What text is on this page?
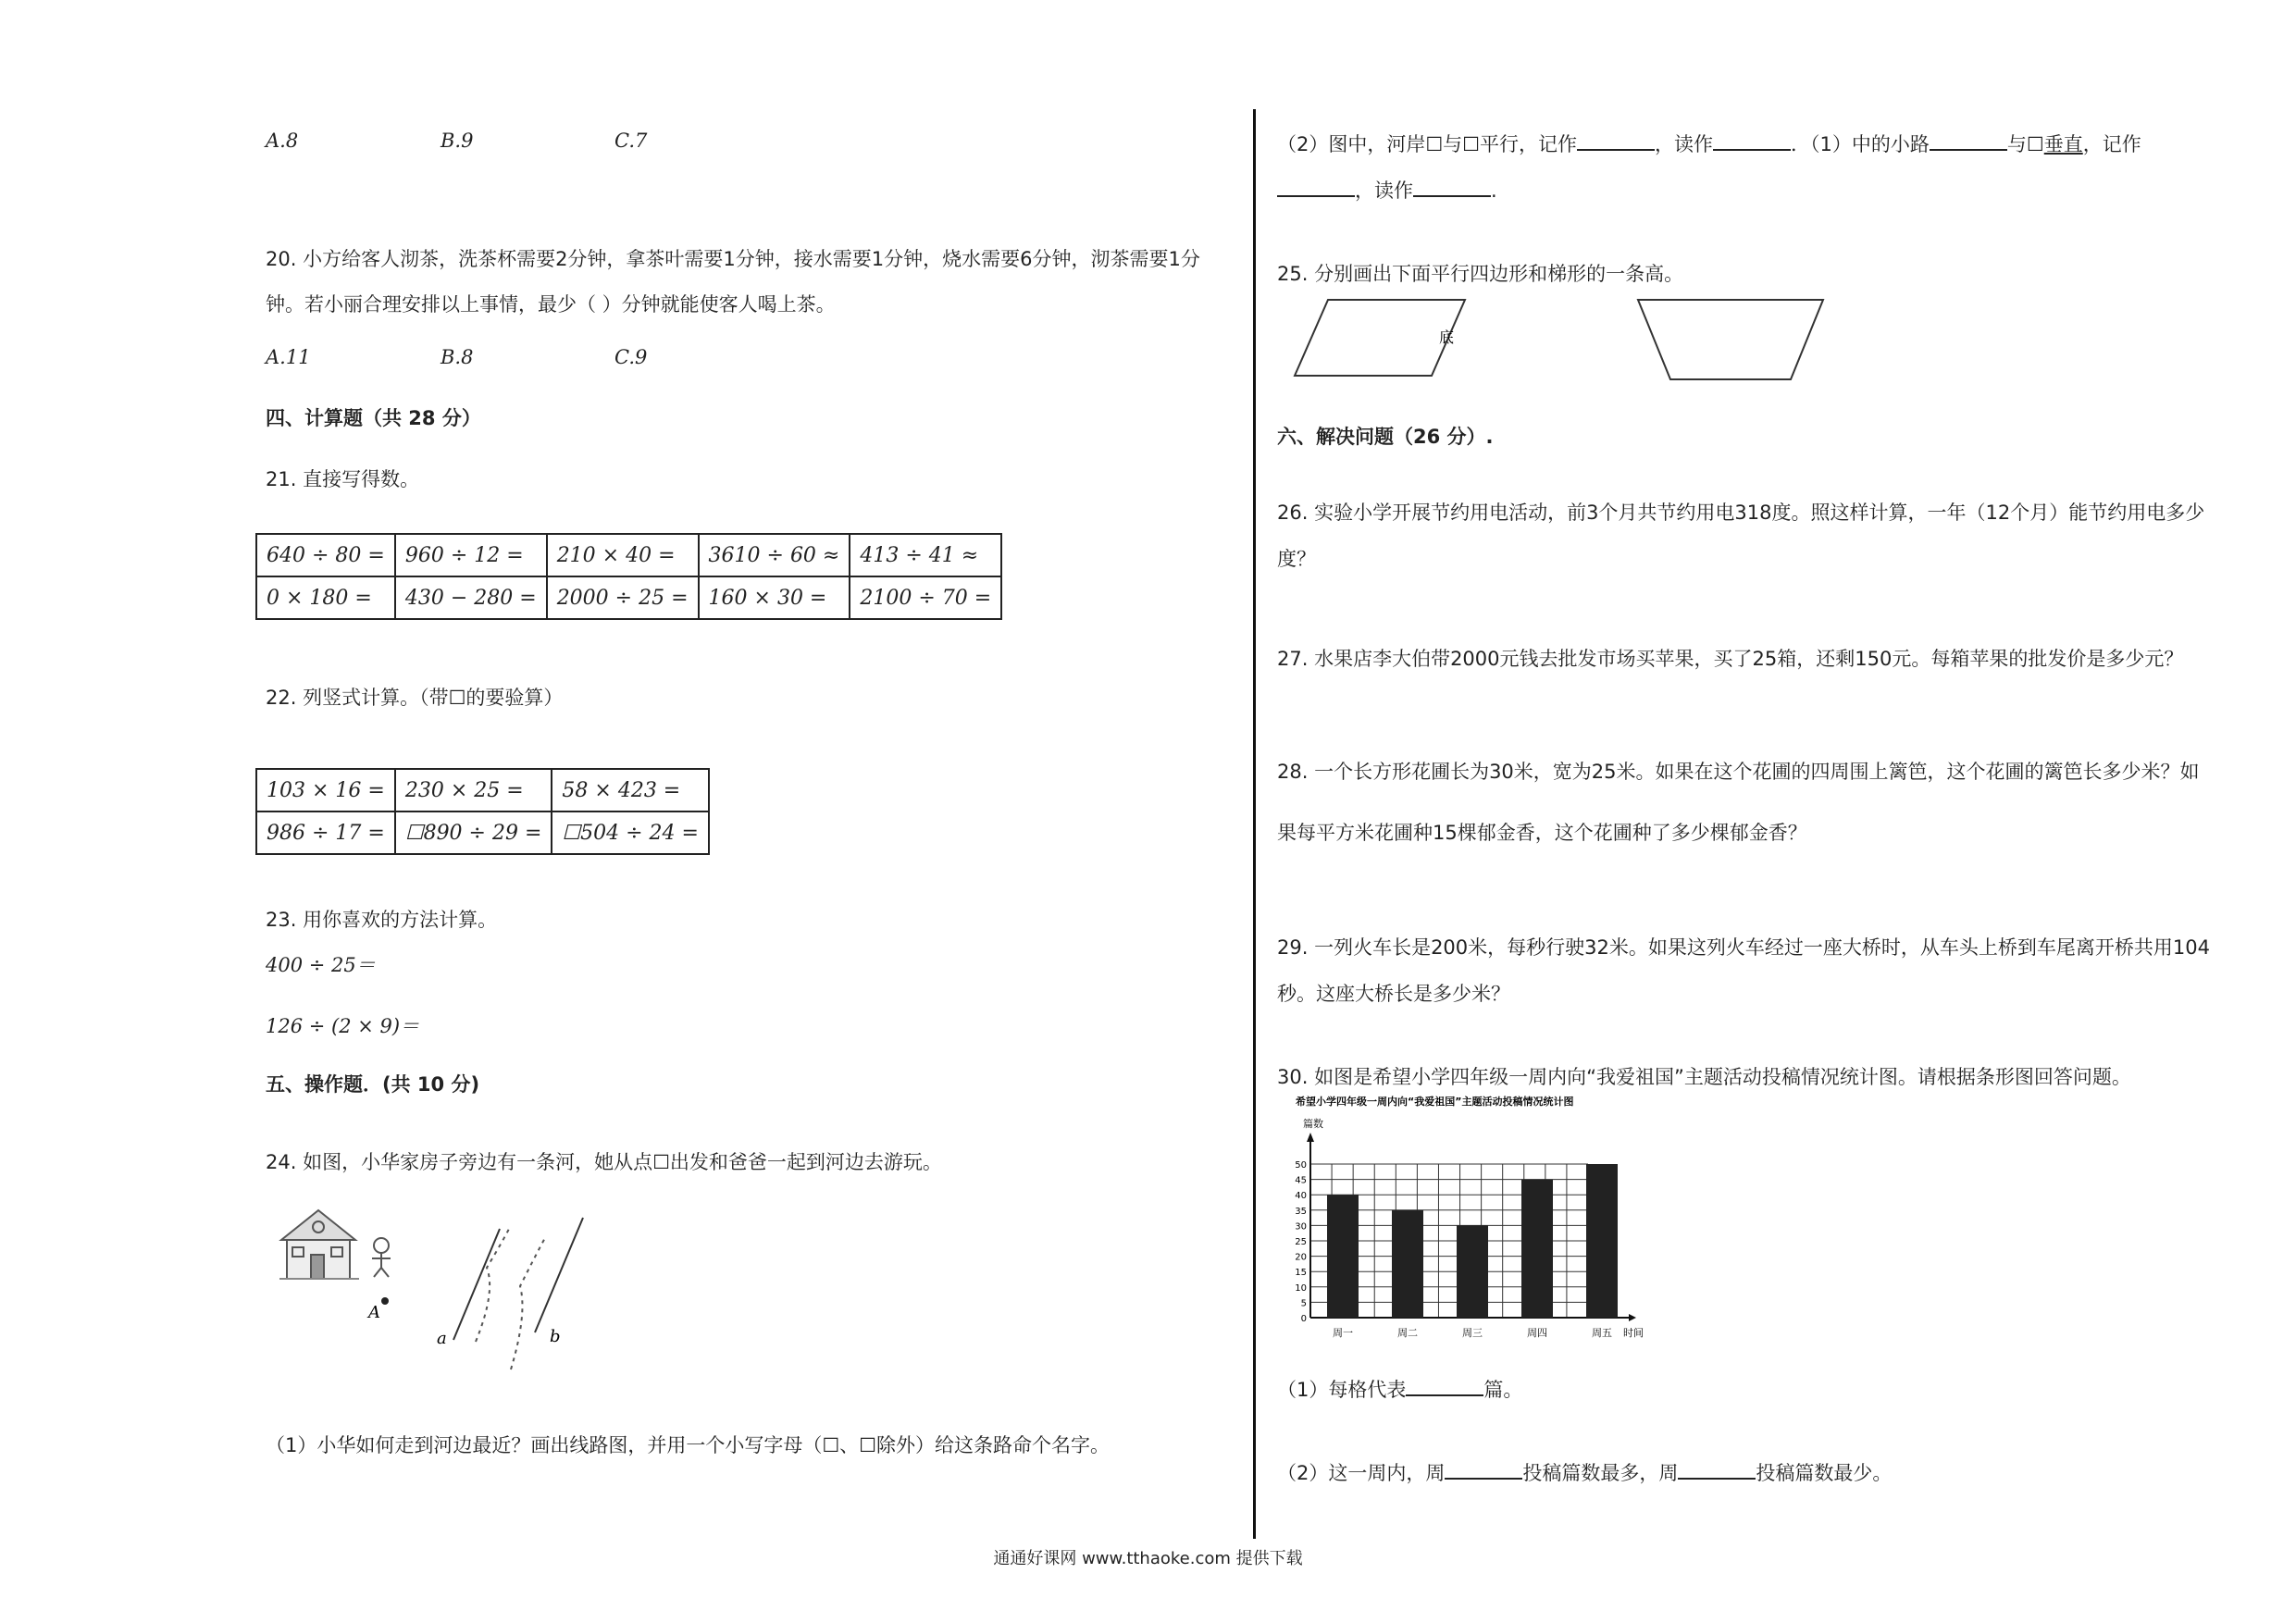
A.8	B.9	C.7
20. 小方给客人沏茶，洗茶杯需要2分钟，拿茶叶需要1分钟，接水需要1分钟，烧水需要6分钟，沏茶需要1分
钟。若小丽合理安排以上事情，最少（ ）分钟就能使客人喝上茶。
A.11	B.8	C.9
四、计算题（共 28 分）
21. 直接写得数。
640 ÷ 80 =	960 ÷ 12 =	210 × 40 =	3610 ÷ 60 ≈	413 ÷ 41 ≈
0 × 180 =	430 − 280 =	2000 ÷ 25 =	160 × 30 =	2100 ÷ 70 =
22. 列竖式计算。（带☐的要验算）
103 × 16 =	230 × 25 =	58 × 423 =
986 ÷ 17 =	☐890 ÷ 29 =	☐504 ÷ 24 =
23. 用你喜欢的方法计算。
400 ÷ 25＝
126 ÷ (2 × 9)＝
五、操作题．(共 10 分)
24. 如图，小华家房子旁边有一条河，她从点☐出发和爸爸一起到河边去游玩。
A
a	b
（1）小华如何走到河边最近？画出线路图，并用一个小写字母（☐、☐除外）给这条路命个名字。
（2）图中，河岸☐与☐平行，记作	，读作	．（1）中的小路	与☐垂直，记作
，读作	.
25. 分别画出下面平行四边形和梯形的一条高。
底
六、解决问题（26 分）.
26. 实验小学开展节约用电活动，前3个月共节约用电318度。照这样计算，一年（12个月）能节约用电多少
度？
27. 水果店李大伯带2000元钱去批发市场买苹果，买了25箱，还剩150元。每箱苹果的批发价是多少元？
28. 一个长方形花圃长为30米，宽为25米。如果在这个花圃的四周围上篱笆，这个花圃的篱笆长多少米？如
果每平方米花圃种15棵郁金香，这个花圃种了多少棵郁金香？
29. 一列火车长是200米，每秒行驶32米。如果这列火车经过一座大桥时，从车头上桥到车尾离开桥共用104
秒。这座大桥长是多少米？
30. 如图是希望小学四年级一周内向“我爱祖国”主题活动投稿情况统计图。请根据条形图回答问题。
希望小学四年级一周内向“我爱祖国”主题活动投稿情况统计图
篇数
0
5
10
15
20
25
30
35
40
45
50
时间
周一	周二	周三	周四	周五
（1）每格代表	篇。
（2）这一周内，周	投稿篇数最多，周	投稿篇数最少。
通通好课网 www.tthaoke.com 提供下载
